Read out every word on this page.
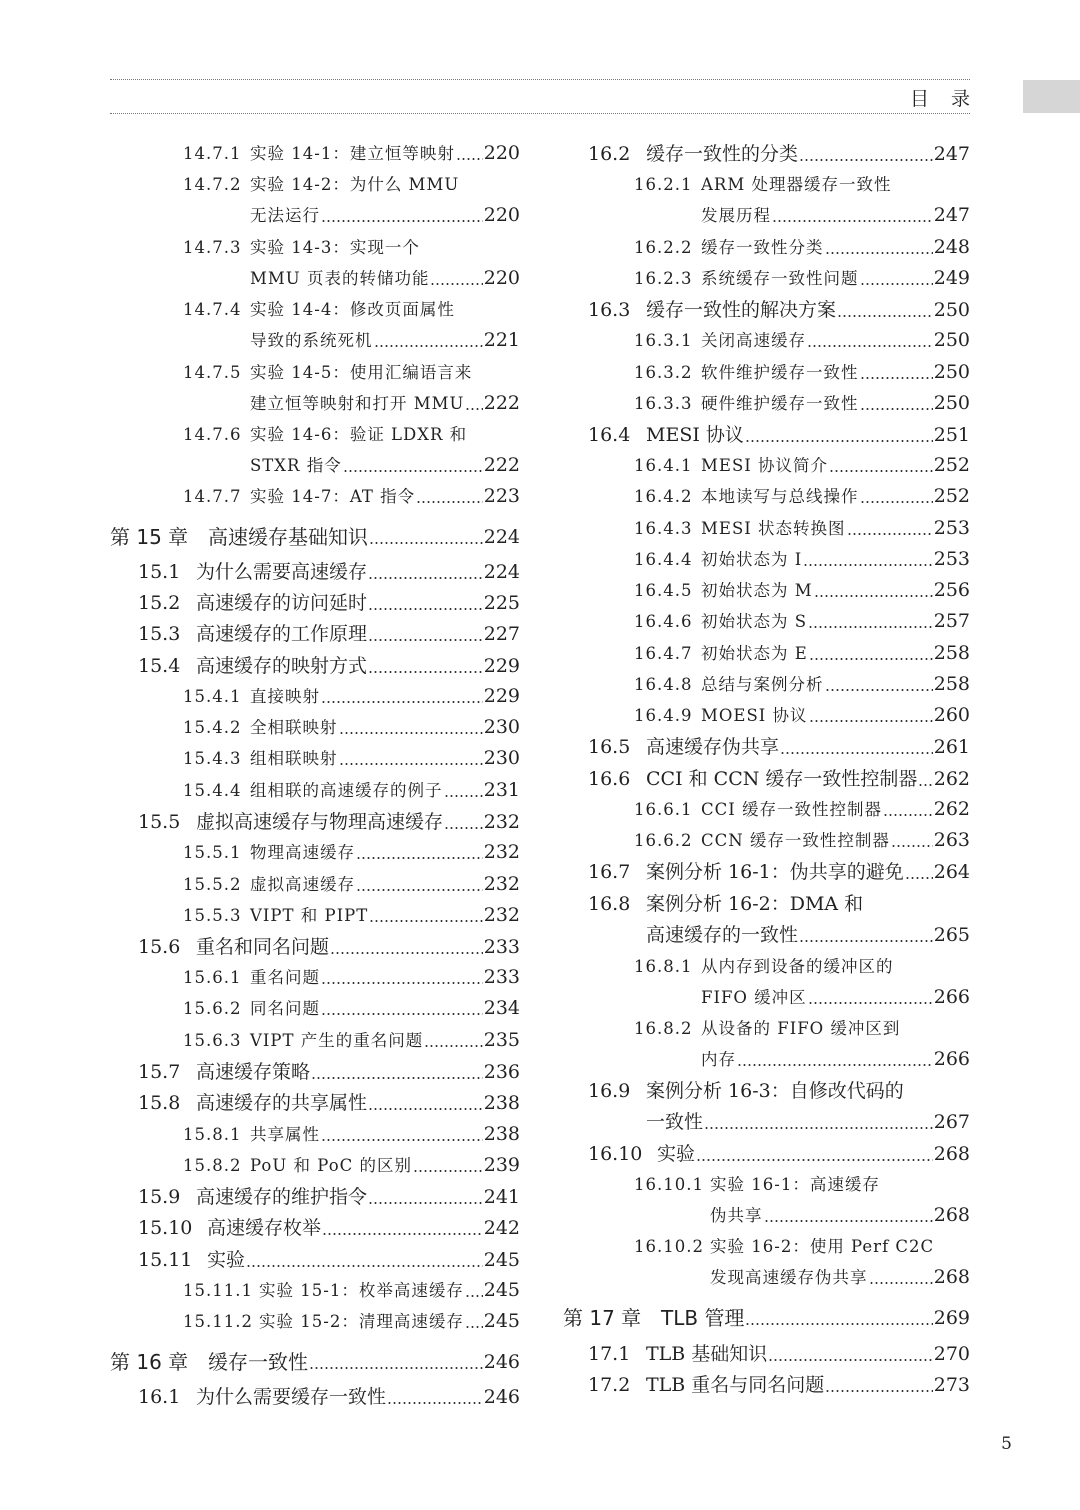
目录
5
14.7.1 实验 14-1：建立恒等映射 220
14.7.2 实验 14-2：为什么 MMU
无法运行	220
14.7.3 实验 14-3：实现一个
MMU 页表的转储功能	220
14.7.4 实验 14-4：修改页面属性
导致的系统死机	221
14.7.5 实验 14-5：使用汇编语言来
建立恒等映射和打开 MMU 222
14.7.6 实验 14-6：验证 LDXR 和
STXR 指令	222
14.7.7 实验 14-7：AT 指令	223
第 15 章 高速缓存基础知识	224
15.1 为什么需要高速缓存	224
15.2 高速缓存的访问延时	225
15.3 高速缓存的工作原理	227
15.4 高速缓存的映射方式	229
15.4.1 直接映射	229
15.4.2 全相联映射	230
15.4.3 组相联映射	230
15.4.4 组相联的高速缓存的例子 231
15.5 虚拟高速缓存与物理高速缓存 232
15.5.1 物理高速缓存	232
15.5.2 虚拟高速缓存	232
15.5.3 VIPT 和 PIPT	232
15.6 重名和同名问题	233
15.6.1 重名问题	233
15.6.2 同名问题	234
15.6.3 VIPT 产生的重名问题	235
15.7 高速缓存策略	236
15.8 高速缓存的共享属性	238
15.8.1 共享属性	238
15.8.2 PoU 和 PoC 的区别	239
15.9 高速缓存的维护指令	241
15.10 高速缓存枚举	242
15.11 实验	245
15.11.1 实验 15-1：枚举高速缓存 245
15.11.2 实验 15-2：清理高速缓存 245
第 16 章 缓存一致性	246
16.1 为什么需要缓存一致性	246
16.2 缓存一致性的分类	247
16.2.1 ARM 处理器缓存一致性
发展历程	247
16.2.2 缓存一致性分类	248
16.2.3 系统缓存一致性问题	249
16.3 缓存一致性的解决方案	250
16.3.1 关闭高速缓存	250
16.3.2 软件维护缓存一致性	250
16.3.3 硬件维护缓存一致性	250
16.4 MESI 协议	251
16.4.1 MESI 协议简介	252
16.4.2 本地读写与总线操作	252
16.4.3 MESI 状态转换图	253
16.4.4 初始状态为 I	253
16.4.5 初始状态为 M	256
16.4.6 初始状态为 S	257
16.4.7 初始状态为 E	258
16.4.8 总结与案例分析	258
16.4.9 MOESI 协议	260
16.5 高速缓存伪共享	261
16.6 CCI 和 CCN 缓存一致性控制器 262
16.6.1 CCI 缓存一致性控制器	262
16.6.2 CCN 缓存一致性控制器 263
16.7 案例分析 16-1：伪共享的避免 264
16.8 案例分析 16-2：DMA 和
高速缓存的一致性	265
16.8.1 从内存到设备的缓冲区的
FIFO 缓冲区	266
16.8.2 从设备的 FIFO 缓冲区到
内存	266
16.9 案例分析 16-3：自修改代码的
一致性	267
16.10 实验	268
16.10.1 实验 16-1：高速缓存
伪共享	268
16.10.2 实验 16-2：使用 Perf C2C
发现高速缓存伪共享	268
第 17 章 TLB 管理	269
17.1 TLB 基础知识	270
17.2 TLB 重名与同名问题	273
